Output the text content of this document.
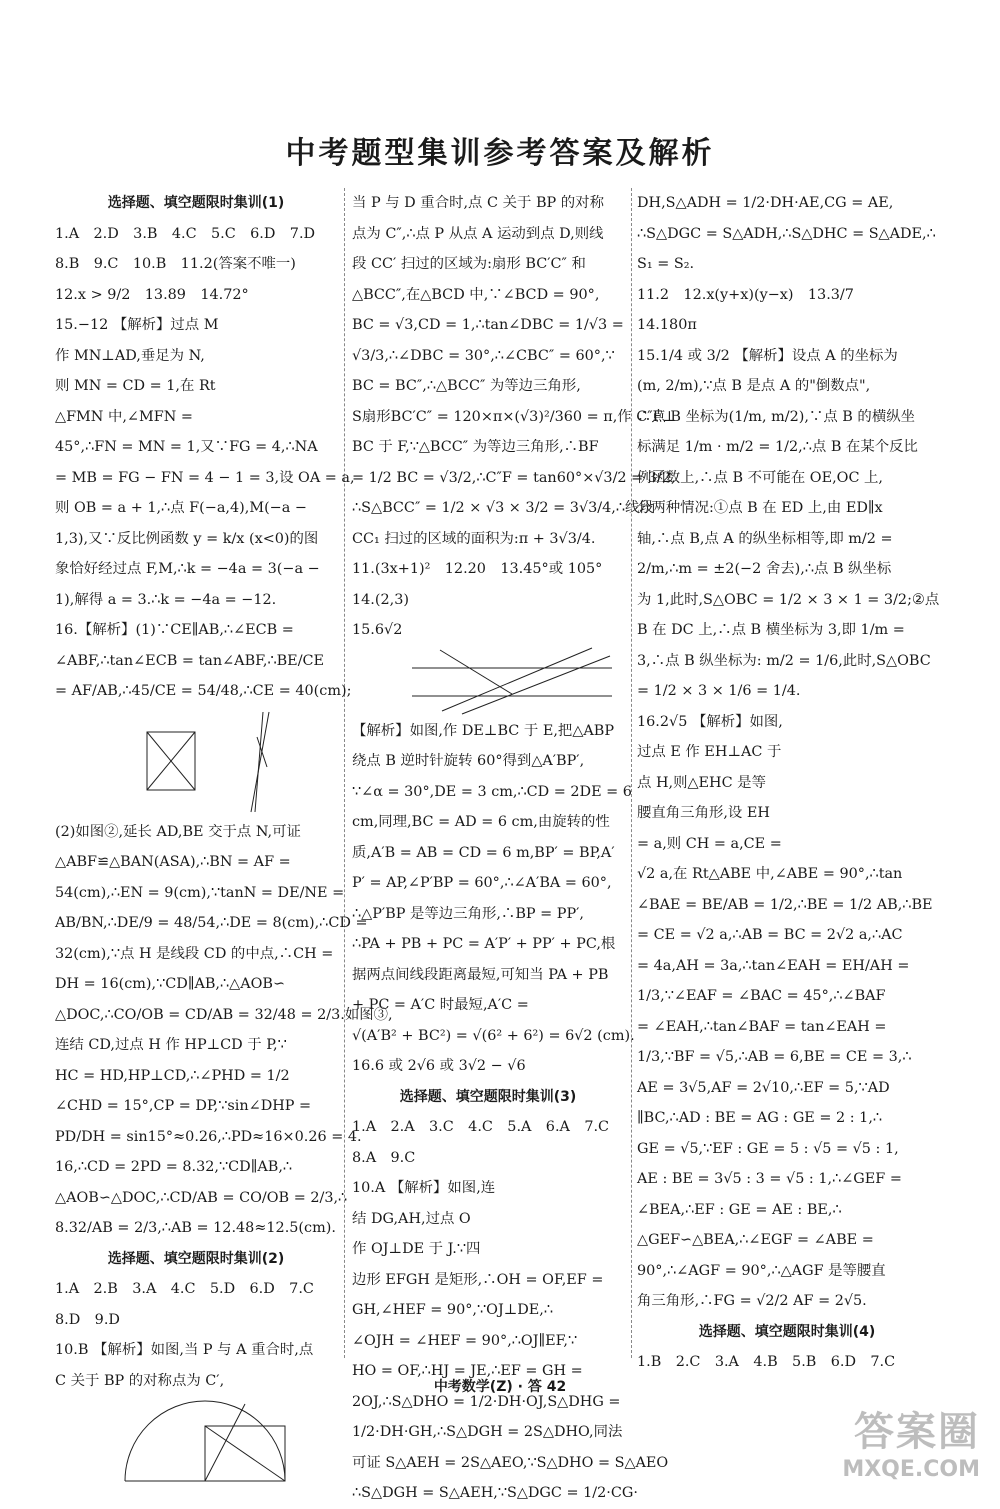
中考题型集训参考答案及解析

选择题、填空题限时集训(1)

1.A　2.D　3.B　4.C　5.C　6.D　7.D

8.B　9.C　10.B　11.2(答案不唯一)

12.x > 9/2　13.89　14.72°

15.−12 【解析】过点 M

作 MN⊥AD,垂足为 N,

则 MN = CD = 1,在 Rt

△FMN 中,∠MFN =

45°,∴FN = MN = 1,又∵FG = 4,∴NA

= MB = FG − FN = 4 − 1 = 3,设 OA = a,

则 OB = a + 1,∴点 F(−a,4),M(−a −

1,3),又∵反比例函数 y = k/x (x<0)的图

象恰好经过点 F,M,∴k = −4a = 3(−a −

1),解得 a = 3.∴k = −4a = −12.

16.【解析】(1)∵CE∥AB,∴∠ECB =

∠ABF,∴tan∠ECB = tan∠ABF,∴BE/CE

= AF/AB,∴45/CE = 54/48,∴CE = 40(cm);

(2)如图②,延长 AD,BE 交于点 N,可证

△ABF≌△BAN(ASA),∴BN = AF =

54(cm),∴EN = 9(cm),∵tanN = DE/NE =

AB/BN,∴DE/9 = 48/54,∴DE = 8(cm),∴CD =

32(cm),∵点 H 是线段 CD 的中点,∴CH =

DH = 16(cm),∵CD∥AB,∴△AOB∽

△DOC,∴CO/OB = CD/AB = 32/48 = 2/3.如图③,

连结 CD,过点 H 作 HP⊥CD 于 P,∵

HC = HD,HP⊥CD,∴∠PHD = 1/2

∠CHD = 15°,CP = DP,∵sin∠DHP =

PD/DH = sin15°≈0.26,∴PD≈16×0.26 = 4.

16,∴CD = 2PD = 8.32,∵CD∥AB,∴

△AOB∽△DOC,∴CD/AB = CO/OB = 2/3,∴

8.32/AB = 2/3,∴AB = 12.48≈12.5(cm).

选择题、填空题限时集训(2)

1.A　2.B　3.A　4.C　5.D　6.D　7.C

8.D　9.D

10.B 【解析】如图,当 P 与 A 重合时,点

C 关于 BP 的对称点为 C′,

当 P 与 D 重合时,点 C 关于 BP 的对称

点为 C″,∴点 P 从点 A 运动到点 D,则线

段 CC′ 扫过的区域为:扇形 BC′C″ 和

△BCC″,在△BCD 中,∵∠BCD = 90°,

BC = √3,CD = 1,∴tan∠DBC = 1/√3 =

√3/3,∴∠DBC = 30°,∴∠CBC″ = 60°,∵

BC = BC″,∴△BCC″ 为等边三角形,

S扇形BC′C″ = 120×π×(√3)²/360 = π,作 C″F⊥

BC 于 F,∵△BCC″ 为等边三角形,∴BF

= 1/2 BC = √3/2,∴C″F = tan60°×√3/2 = 3/2,

∴S△BCC″ = 1/2 × √3 × 3/2 = 3√3/4,∴线段

CC₁ 扫过的区域的面积为:π + 3√3/4.

11.(3x+1)²　12.20　13.45°或 105°

14.(2,3)

15.6√2

【解析】如图,作 DE⊥BC 于 E,把△ABP

绕点 B 逆时针旋转 60°得到△A′BP′,

∵∠α = 30°,DE = 3 cm,∴CD = 2DE = 6

cm,同理,BC = AD = 6 cm,由旋转的性

质,A′B = AB = CD = 6 m,BP′ = BP,A′

P′ = AP,∠P′BP = 60°,∴∠A′BA = 60°,

∴△P′BP 是等边三角形,∴BP = PP′,

∴PA + PB + PC = A′P′ + PP′ + PC,根

据两点间线段距离最短,可知当 PA + PB

+ PC = A′C 时最短,A′C =

√(A′B² + BC²) = √(6² + 6²) = 6√2 (cm).

16.6 或 2√6 或 3√2 − √6

选择题、填空题限时集训(3)

1.A　2.A　3.C　4.C　5.A　6.A　7.C

8.A　9.C

10.A 【解析】如图,连

结 DG,AH,过点 O

作 OJ⊥DE 于 J.∵四

边形 EFGH 是矩形,∴OH = OF,EF =

GH,∠HEF = 90°,∵OJ⊥DE,∴

∠OJH = ∠HEF = 90°,∴OJ∥EF,∵

HO = OF,∴HJ = JE,∴EF = GH =

2OJ,∴S△DHO = 1/2·DH·OJ,S△DHG =

1/2·DH·GH,∴S△DGH = 2S△DHO,同法

可证 S△AEH = 2S△AEO,∵S△DHO = S△AEO

∴S△DGH = S△AEH,∵S△DGC = 1/2·CG·

DH,S△ADH = 1/2·DH·AE,CG = AE,

∴S△DGC = S△ADH,∴S△DHC = S△ADE,∴

S₁ = S₂.

11.2　12.x(y+x)(y−x)　13.3/7

14.180π

15.1/4 或 3/2 【解析】设点 A 的坐标为

(m, 2/m),∵点 B 是点 A 的"倒数点",

∴点 B 坐标为(1/m, m/2),∵点 B 的横纵坐

标满足 1/m · m/2 = 1/2,∴点 B 在某个反比

例函数上,∴点 B 不可能在 OE,OC 上,

分两种情况:①点 B 在 ED 上,由 ED∥x

轴,∴点 B,点 A 的纵坐标相等,即 m/2 =

2/m,∴m = ±2(−2 舍去),∴点 B 纵坐标

为 1,此时,S△OBC = 1/2 × 3 × 1 = 3/2;②点

B 在 DC 上,∴点 B 横坐标为 3,即 1/m =

3,∴点 B 纵坐标为: m/2 = 1/6,此时,S△OBC

= 1/2 × 3 × 1/6 = 1/4.

16.2√5 【解析】如图,

过点 E 作 EH⊥AC 于

点 H,则△EHC 是等

腰直角三角形,设 EH

= a,则 CH = a,CE =

√2 a,在 Rt△ABE 中,∠ABE = 90°,∴tan

∠BAE = BE/AB = 1/2,∴BE = 1/2 AB,∴BE

= CE = √2 a,∴AB = BC = 2√2 a,∴AC

= 4a,AH = 3a,∴tan∠EAH = EH/AH =

1/3,∵∠EAF = ∠BAC = 45°,∴∠BAF

= ∠EAH,∴tan∠BAF = tan∠EAH =

1/3,∵BF = √5,∴AB = 6,BE = CE = 3,∴

AE = 3√5,AF = 2√10,∴EF = 5,∵AD

∥BC,∴AD : BE = AG : GE = 2 : 1,∴

GE = √5,∵EF : GE = 5 : √5 = √5 : 1,

AE : BE = 3√5 : 3 = √5 : 1,∴∠GEF =

∠BEA,∴EF : GE = AE : BE,∴

△GEF∽△BEA,∴∠EGF = ∠ABE =

90°,∴∠AGF = 90°,∴△AGF 是等腰直

角三角形,∴FG = √2/2 AF = 2√5.

选择题、填空题限时集训(4)

1.B　2.C　3.A　4.B　5.B　6.D　7.C

中考数学(Z) · 答 42
答案圈
MXQE.COM
